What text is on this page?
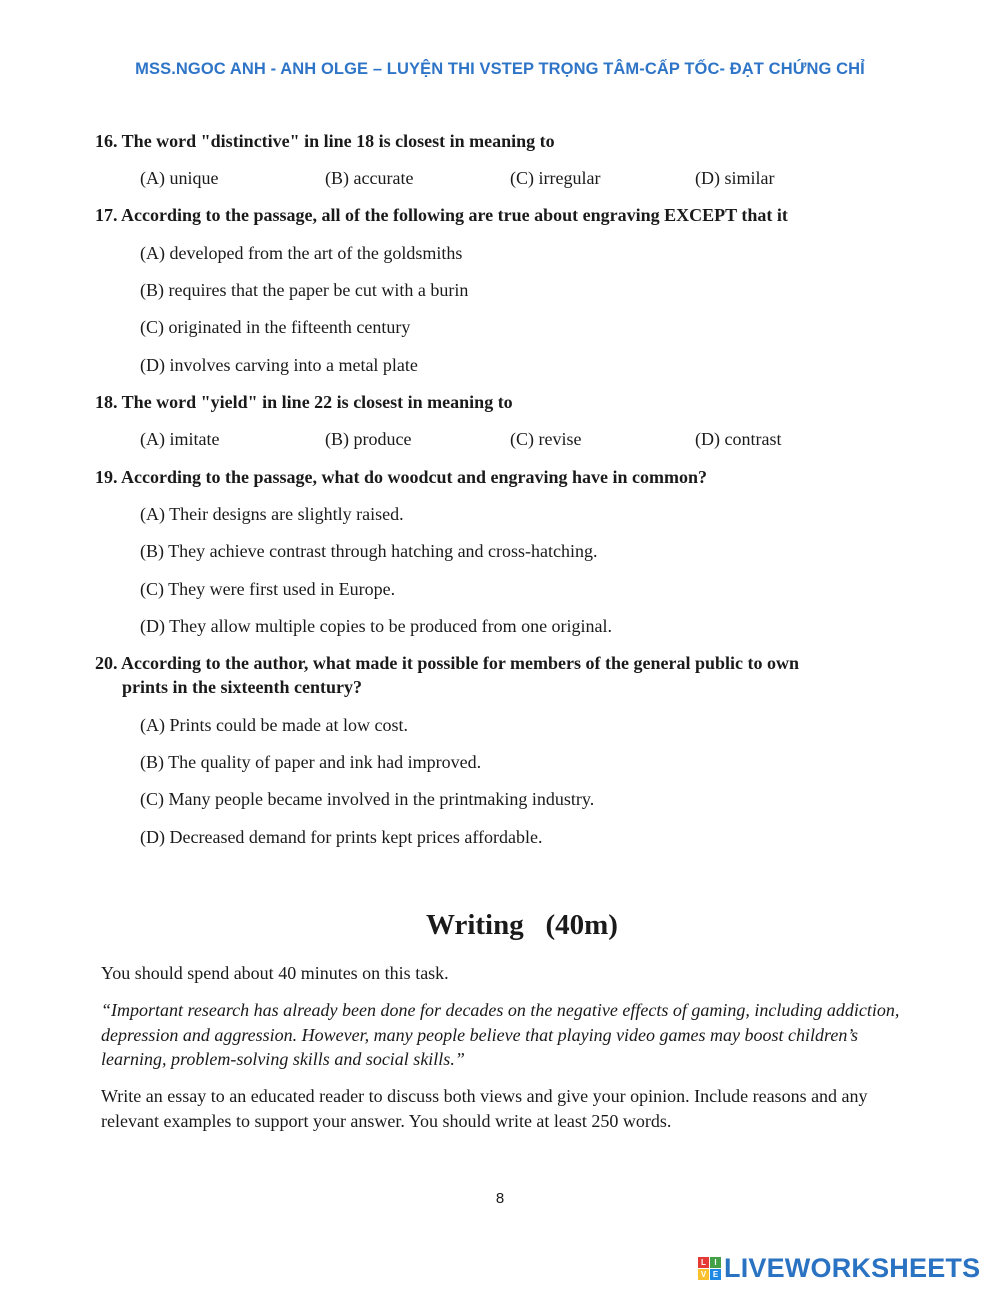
MSS.NGOC ANH - ANH OLGE – LUYỆN THI VSTEP TRỌNG TÂM-CẤP TỐC- ĐẠT CHỨNG CHỈ
16. The word "distinctive" in line 18 is closest in meaning to
(A) unique	(B) accurate	(C) irregular	(D) similar
17. According to the passage, all of the following are true about engraving EXCEPT that it
(A) developed from the art of the goldsmiths
(B) requires that the paper be cut with a burin
(C) originated in the fifteenth century
(D) involves carving into a metal plate
18. The word "yield" in line 22 is closest in meaning to
(A) imitate	(B) produce	(C) revise	(D) contrast
19. According to the passage, what do woodcut and engraving have in common?
(A) Their designs are slightly raised.
(B) They achieve contrast through hatching and cross-hatching.
(C) They were first used in Europe.
(D) They allow multiple copies to be produced from one original.
20. According to the author, what made it possible for members of the general public to own
prints in the sixteenth century?
(A) Prints could be made at low cost.
(B) The quality of paper and ink had improved.
(C) Many people became involved in the printmaking industry.
(D) Decreased demand for prints kept prices affordable.
Writing   (40m)
You should spend about 40 minutes on this task.
“Important research has already been done for decades on the negative effects of gaming, including addiction, depression and aggression. However, many people believe that playing video games may boost children’s learning, problem-solving skills and social skills.”
Write an essay to an educated reader to discuss both views and give your opinion. Include reasons and any relevant examples to support your answer. You should write at least 250 words.
8
L	I
V E LIVEWORKSHEETS
